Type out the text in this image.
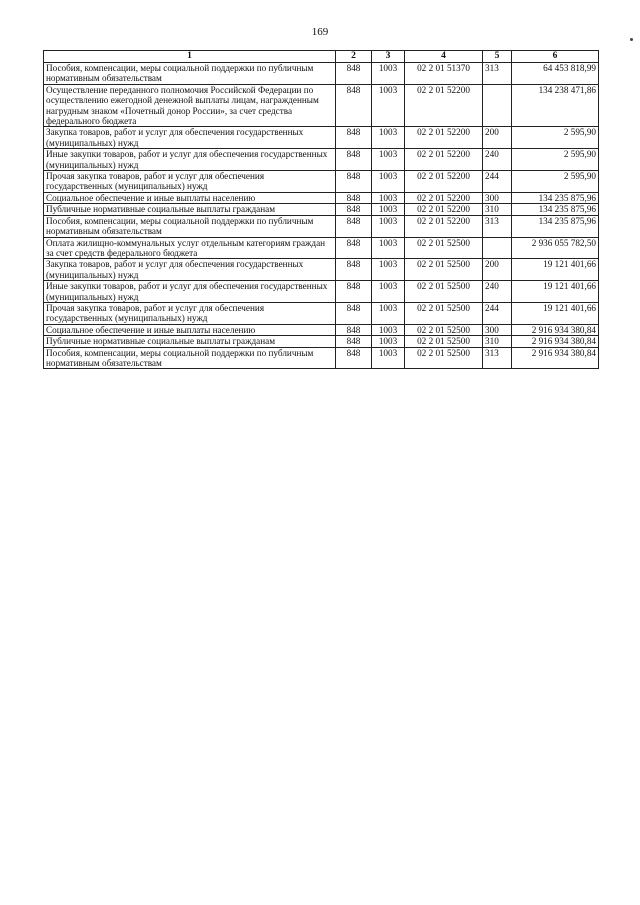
169
1	2	3	4	5	6
Пособия, компенсации, меры социальной поддержки по публичным нормативным обязательствам	848	1003	02 2 01 51370	313	64 453 818,99
Осуществление переданного полномочия Российской Федерации по осуществлению ежегодной денежной выплаты лицам, награжденным нагрудным знаком «Почетный донор России», за счет средства федерального бюджета	848	1003	02 2 01 52200		134 238 471,86
Закупка товаров, работ и услуг для обеспечения государственных (муниципальных) нужд	848	1003	02 2 01 52200	200	2 595,90
Иные закупки товаров, работ и услуг для обеспечения государственных (муниципальных) нужд	848	1003	02 2 01 52200	240	2 595,90
Прочая закупка товаров, работ и услуг для обеспечения государственных (муниципальных) нужд	848	1003	02 2 01 52200	244	2 595,90
Социальное обеспечение и иные выплаты населению	848	1003	02 2 01 52200	300	134 235 875,96
Публичные нормативные социальные выплаты гражданам	848	1003	02 2 01 52200	310	134 235 875,96
Пособия, компенсации, меры социальной поддержки по публичным нормативным обязательствам	848	1003	02 2 01 52200	313	134 235 875,96
Оплата жилищно-коммунальных услуг отдельным категориям граждан за счет средств федерального бюджета	848	1003	02 2 01 52500		2 936 055 782,50
Закупка товаров, работ и услуг для обеспечения государственных (муниципальных) нужд	848	1003	02 2 01 52500	200	19 121 401,66
Иные закупки товаров, работ и услуг для обеспечения государственных (муниципальных) нужд	848	1003	02 2 01 52500	240	19 121 401,66
Прочая закупка товаров, работ и услуг для обеспечения государственных (муниципальных) нужд	848	1003	02 2 01 52500	244	19 121 401,66
Социальное обеспечение и иные выплаты населению	848	1003	02 2 01 52500	300	2 916 934 380,84
Публичные нормативные социальные выплаты гражданам	848	1003	02 2 01 52500	310	2 916 934 380,84
Пособия, компенсации, меры социальной поддержки по публичным нормативным обязательствам	848	1003	02 2 01 52500	313	2 916 934 380,84
